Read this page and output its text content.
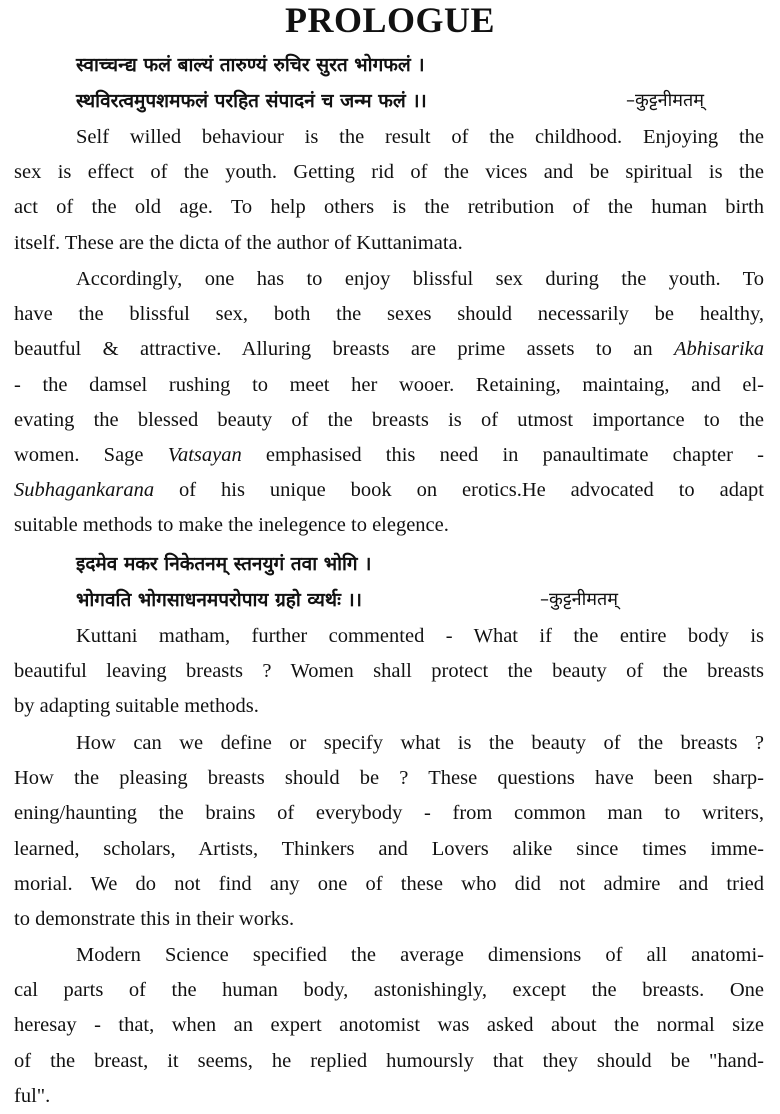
PROLOGUE
स्वाच्चन्द्य फलं बाल्यं तारुण्यं रुचिर सुरत भोगफलं ।
स्थविरत्वमुपशमफलं परहित संपादनं च जन्म फलं ।।	–कुट्टनीमतम्
Self willed behaviour is the result of the childhood. Enjoying the
sex is effect of the youth. Getting rid of the vices and be spiritual is the
act of the old age. To help others is the retribution of the human birth
itself. These are the dicta of the author of Kuttanimata.
Accordingly, one has to enjoy blissful sex during the youth. To
have the blissful sex, both the sexes should necessarily be healthy,
beautful & attractive. Alluring breasts are prime assets to an Abhisarika
- the damsel rushing to meet her wooer. Retaining, maintaing, and el-
evating the blessed beauty of the breasts is of utmost importance to the
women. Sage Vatsayan emphasised this need in panaultimate chapter -
Subhagankarana of his unique book on erotics.He advocated to adapt
suitable methods to make the inelegence to elegence.
इदमेव मकर निकेतनम् स्तनयुगं तवा भोगि ।
भोगवति भोगसाधनमपरोपाय ग्रहो व्यर्थः ।।	–कुट्टनीमतम्
Kuttani matham, further commented - What if the entire body is
beautiful leaving breasts ? Women shall protect the beauty of the breasts
by adapting suitable methods.
How can we define or specify what is the beauty of the breasts ?
How the pleasing breasts should be ? These questions have been sharp-
ening/haunting the brains of everybody - from common man to writers,
learned, scholars, Artists, Thinkers and Lovers alike since times imme-
morial. We do not find any one of these who did not admire and tried
to demonstrate this in their works.
Modern Science specified the average dimensions of all anatomi-
cal parts of the human body, astonishingly, except the breasts. One
heresay - that, when an expert anotomist was asked about the normal size
of the breast, it seems, he replied humoursly that they should be "hand-
ful".
